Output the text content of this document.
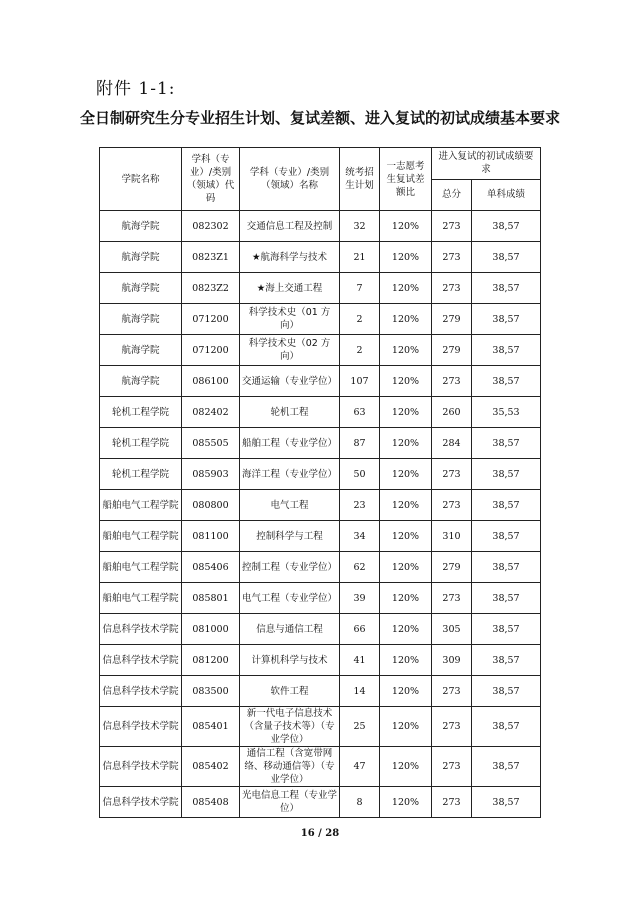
附件 1-1:
全日制研究生分专业招生计划、复试差额、进入复试的初试成绩基本要求
学院名称	学科（专业）/类别（领域）代码	学科（专业）/类别（领域）名称	统考招生计划	一志愿考生复试差额比	进入复试的初试成绩要求	
					总分	单科成绩
航海学院	082302	交通信息工程及控制	32	120%	273	38,57
航海学院	0823Z1	★航海科学与技术	21	120%	273	38,57
航海学院	0823Z2	★海上交通工程	7	120%	273	38,57
航海学院	071200	科学技术史（01 方向）	2	120%	279	38,57
航海学院	071200	科学技术史（02 方向）	2	120%	279	38,57
航海学院	086100	交通运输（专业学位）	107	120%	273	38,57
轮机工程学院	082402	轮机工程	63	120%	260	35,53
轮机工程学院	085505	船舶工程（专业学位）	87	120%	284	38,57
轮机工程学院	085903	海洋工程（专业学位）	50	120%	273	38,57
船舶电气工程学院	080800	电气工程	23	120%	273	38,57
船舶电气工程学院	081100	控制科学与工程	34	120%	310	38,57
船舶电气工程学院	085406	控制工程（专业学位）	62	120%	279	38,57
船舶电气工程学院	085801	电气工程（专业学位）	39	120%	273	38,57
信息科学技术学院	081000	信息与通信工程	66	120%	305	38,57
信息科学技术学院	081200	计算机科学与技术	41	120%	309	38,57
信息科学技术学院	083500	软件工程	14	120%	273	38,57
信息科学技术学院	085401	新一代电子信息技术（含量子技术等）（专业学位）	25	120%	273	38,57
信息科学技术学院	085402	通信工程（含宽带网络、移动通信等）（专业学位）	47	120%	273	38,57
信息科学技术学院	085408	光电信息工程（专业学位）	8	120%	273	38,57
16 / 28
